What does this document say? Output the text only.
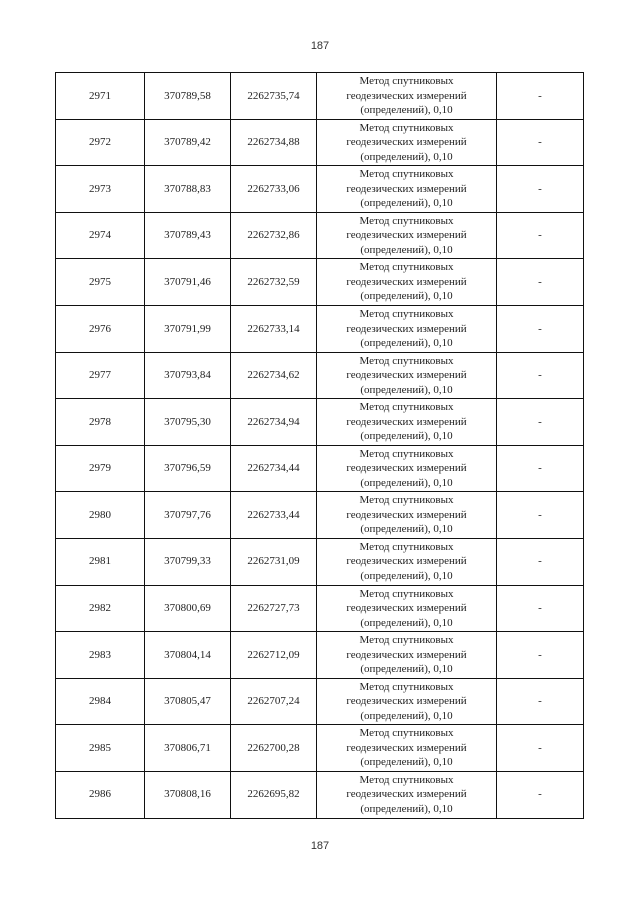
187
2971	370789,58	2262735,74	Метод спутниковых
геодезических измерений
(определений), 0,10	-
2972	370789,42	2262734,88	Метод спутниковых
геодезических измерений
(определений), 0,10	-
2973	370788,83	2262733,06	Метод спутниковых
геодезических измерений
(определений), 0,10	-
2974	370789,43	2262732,86	Метод спутниковых
геодезических измерений
(определений), 0,10	-
2975	370791,46	2262732,59	Метод спутниковых
геодезических измерений
(определений), 0,10	-
2976	370791,99	2262733,14	Метод спутниковых
геодезических измерений
(определений), 0,10	-
2977	370793,84	2262734,62	Метод спутниковых
геодезических измерений
(определений), 0,10	-
2978	370795,30	2262734,94	Метод спутниковых
геодезических измерений
(определений), 0,10	-
2979	370796,59	2262734,44	Метод спутниковых
геодезических измерений
(определений), 0,10	-
2980	370797,76	2262733,44	Метод спутниковых
геодезических измерений
(определений), 0,10	-
2981	370799,33	2262731,09	Метод спутниковых
геодезических измерений
(определений), 0,10	-
2982	370800,69	2262727,73	Метод спутниковых
геодезических измерений
(определений), 0,10	-
2983	370804,14	2262712,09	Метод спутниковых
геодезических измерений
(определений), 0,10	-
2984	370805,47	2262707,24	Метод спутниковых
геодезических измерений
(определений), 0,10	-
2985	370806,71	2262700,28	Метод спутниковых
геодезических измерений
(определений), 0,10	-
2986	370808,16	2262695,82	Метод спутниковых
геодезических измерений
(определений), 0,10	-
187
